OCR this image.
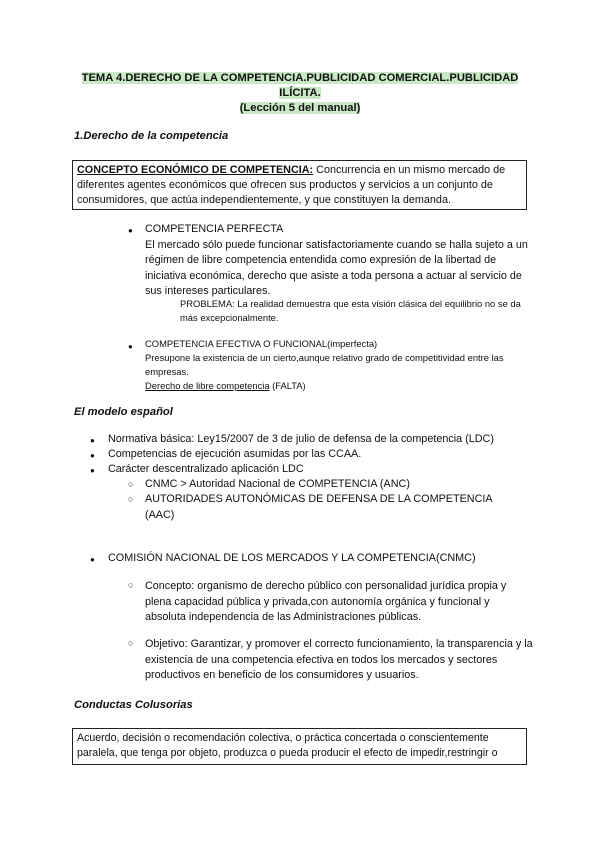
TEMA 4.DERECHO DE LA COMPETENCIA.PUBLICIDAD COMERCIAL.PUBLICIDAD
ILÍCITA.
(Lección 5 del manual)
1.Derecho de la competencia
CONCEPTO ECONÓMICO DE COMPETENCIA: Concurrencia en un mismo mercado de diferentes agentes económicos que ofrecen sus productos y servicios a un conjunto de consumidores, que actúa independientemente, y que constituyen la demanda.
● COMPETENCIA PERFECTA
El mercado sólo puede funcionar satisfactoriamente cuando se halla sujeto a un régimen de libre competencia entendida como expresión de la libertad de iniciativa económica, derecho que asiste a toda persona a actuar al servicio de sus intereses particulares.
PROBLEMA: La realidad demuestra que esta visión clásica del equilibrio no se da más excepcionalmente.
● COMPETENCIA EFECTIVA O FUNCIONAL(imperfecta)
Presupone la existencia de un cierto,aunque relativo grado de competitividad entre las empresas.
Derecho de libre competencia (FALTA)
El modelo español
● Normativa básica: Ley15/2007 de 3 de julio de defensa de la competencia (LDC)
● Competencias de ejecución asumidas por las CCAA.
● Carácter descentralizado aplicación LDC
○ CNMC > Autoridad Nacional de COMPETENCIA (ANC)
○ AUTORIDADES AUTONÓMICAS DE DEFENSA DE LA COMPETENCIA (AAC)
● COMISIÓN NACIONAL DE LOS MERCADOS Y LA COMPETENCIA(CNMC)
○ Concepto: organismo de derecho público con personalidad jurídica propia y plena capacidad pública y privada,con autonomía orgánica y funcional y absoluta independencia de las Administraciones públicas.
○ Objetivo: Garantizar, y promover el correcto funcionamiento, la transparencia y la existencia de una competencia efectiva en todos los mercados y sectores productivos en beneficio de los consumidores y usuarios.
Conductas Colusorias
Acuerdo, decisión o recomendación colectiva, o práctica concertada o conscientemente paralela, que tenga por objeto, produzca o pueda producir el efecto de impedir,restringir o
